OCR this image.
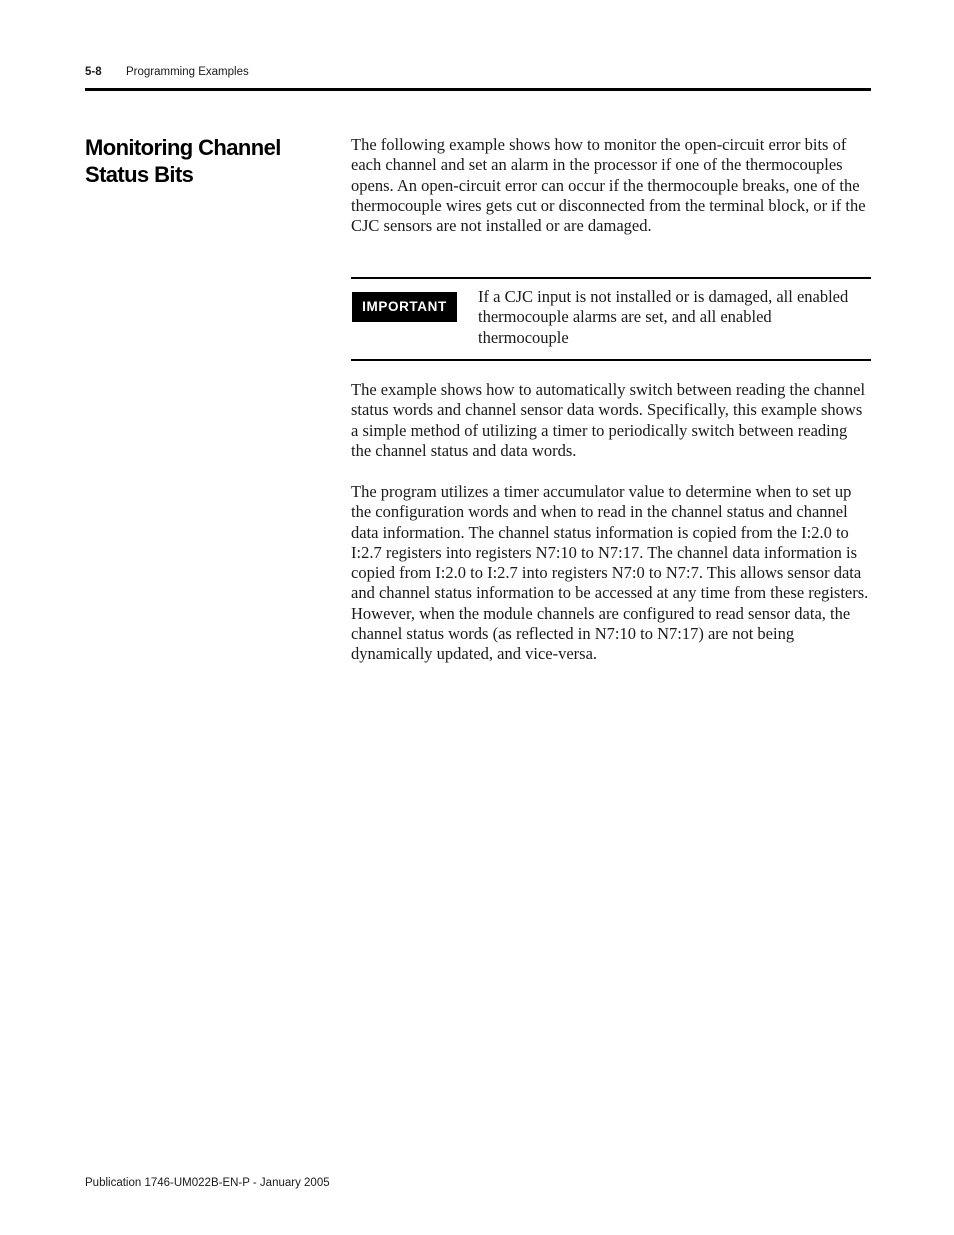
5-8 Programming Examples
Monitoring Channel Status Bits

The following example shows how to monitor the open-circuit error bits of each channel and set an alarm in the processor if one of the thermocouples opens. An open-circuit error can occur if the thermocouple breaks, one of the thermocouple wires gets cut or disconnected from the terminal block, or if the CJC sensors are not installed or are damaged.

IMPORTANT

If a CJC input is not installed or is damaged, all enabled thermocouple alarms are set, and all enabled thermocouple

The example shows how to automatically switch between reading the channel status words and channel sensor data words. Specifically, this example shows a simple method of utilizing a timer to periodically switch between reading the channel status and data words.

The program utilizes a timer accumulator value to determine when to set up the configuration words and when to read in the channel status and channel data information. The channel status information is copied from the I:2.0 to I:2.7 registers into registers N7:10 to N7:17. The channel data information is copied from I:2.0 to I:2.7 into registers N7:0 to N7:7. This allows sensor data and channel status information to be accessed at any time from these registers. However, when the module channels are configured to read sensor data, the channel status words (as reflected in N7:10 to N7:17) are not being dynamically updated, and vice-versa.

Publication 1746-UM022B-EN-P - January 2005
